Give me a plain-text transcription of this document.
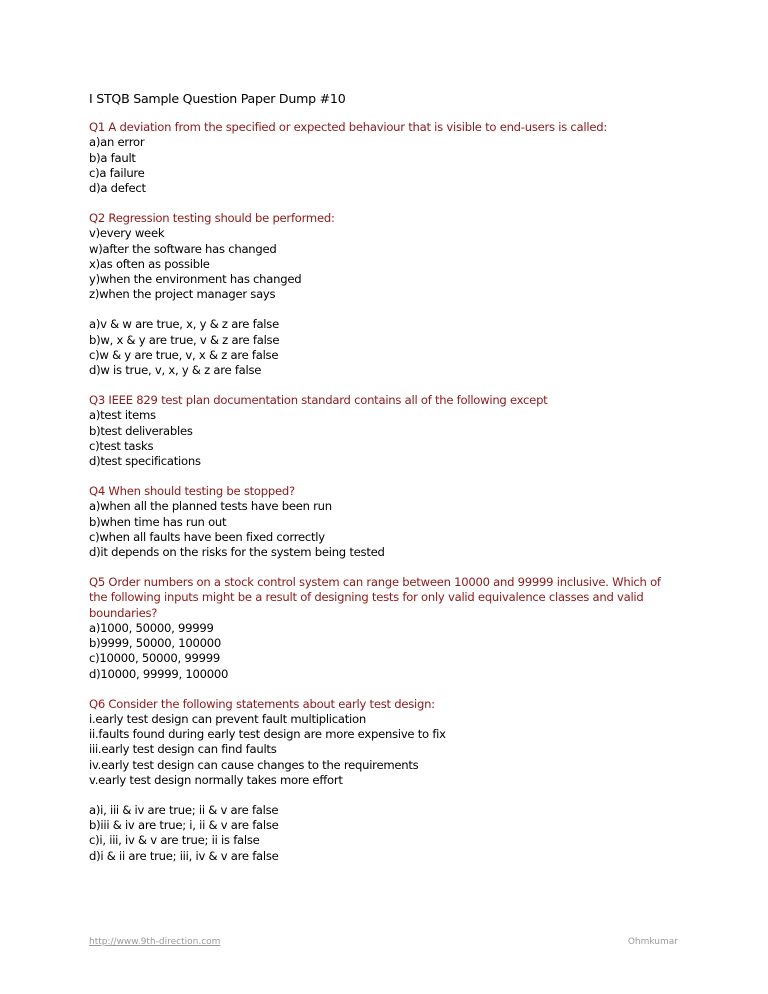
I STQB Sample Question Paper Dump #10
Q1 A deviation from the specified or expected behaviour that is visible to end-users is called:
a)an error
b)a fault
c)a failure
d)a defect
Q2 Regression testing should be performed:
v)every week
w)after the software has changed
x)as often as possible
y)when the environment has changed
z)when the project manager says
a)v & w are true, x, y & z are false
b)w, x & y are true, v & z are false
c)w & y are true, v, x & z are false
d)w is true, v, x, y & z are false
Q3 IEEE 829 test plan documentation standard contains all of the following except
a)test items
b)test deliverables
c)test tasks
d)test specifications
Q4 When should testing be stopped?
a)when all the planned tests have been run
b)when time has run out
c)when all faults have been fixed correctly
d)it depends on the risks for the system being tested
Q5 Order numbers on a stock control system can range between 10000 and 99999 inclusive. Which of
the following inputs might be a result of designing tests for only valid equivalence classes and valid
boundaries?
a)1000, 50000, 99999
b)9999, 50000, 100000
c)10000, 50000, 99999
d)10000, 99999, 100000
Q6 Consider the following statements about early test design:
i.early test design can prevent fault multiplication
ii.faults found during early test design are more expensive to fix
iii.early test design can find faults
iv.early test design can cause changes to the requirements
v.early test design normally takes more effort
a)i, iii & iv are true; ii & v are false
b)iii & iv are true; i, ii & v are false
c)i, iii, iv & v are true; ii is false
d)i & ii are true; iii, iv & v are false
http://www.9th-direction.com	Ohmkumar
